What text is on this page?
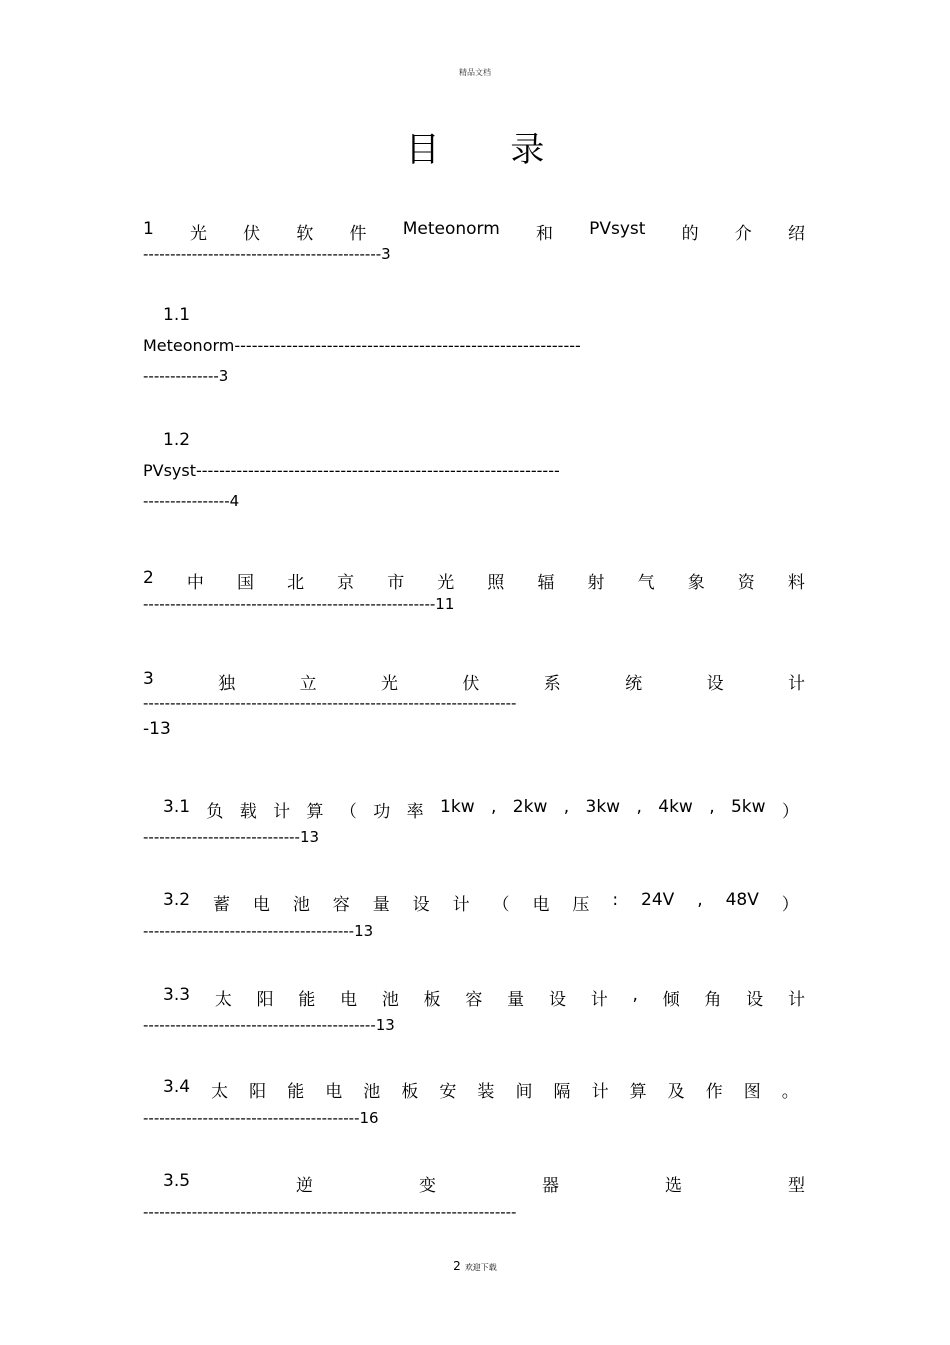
精品文档
目 录
1 光 伏 软 件 Meteonorm 和 PVsyst 的 介 绍
--------------------------------------------3
1.1
Meteonorm------------------------------------------------------------
--------------3
1.2
PVsyst---------------------------------------------------------------
----------------4
2 中 国 北 京 市 光 照 辐 射 气 象 资 料
------------------------------------------------------11
3	独	立	光	伏	系	统	设	计
---------------------------------------------------------------------
-13
3.1 负 载 计 算 （ 功 率 1kw , 2kw , 3kw , 4kw , 5kw ）
-----------------------------13
3.2 蓄 电 池 容 量 设 计 （ 电 压 : 24V , 48V ）
---------------------------------------13
3.3 太 阳 能 电 池 板 容 量 设 计 , 倾 角 设 计
-------------------------------------------13
3.4 太 阳 能 电 池 板 安 装 间 隔 计 算 及 作 图 。
----------------------------------------16
3.5	逆	变	器	选	型
---------------------------------------------------------------------
2 欢迎下载
